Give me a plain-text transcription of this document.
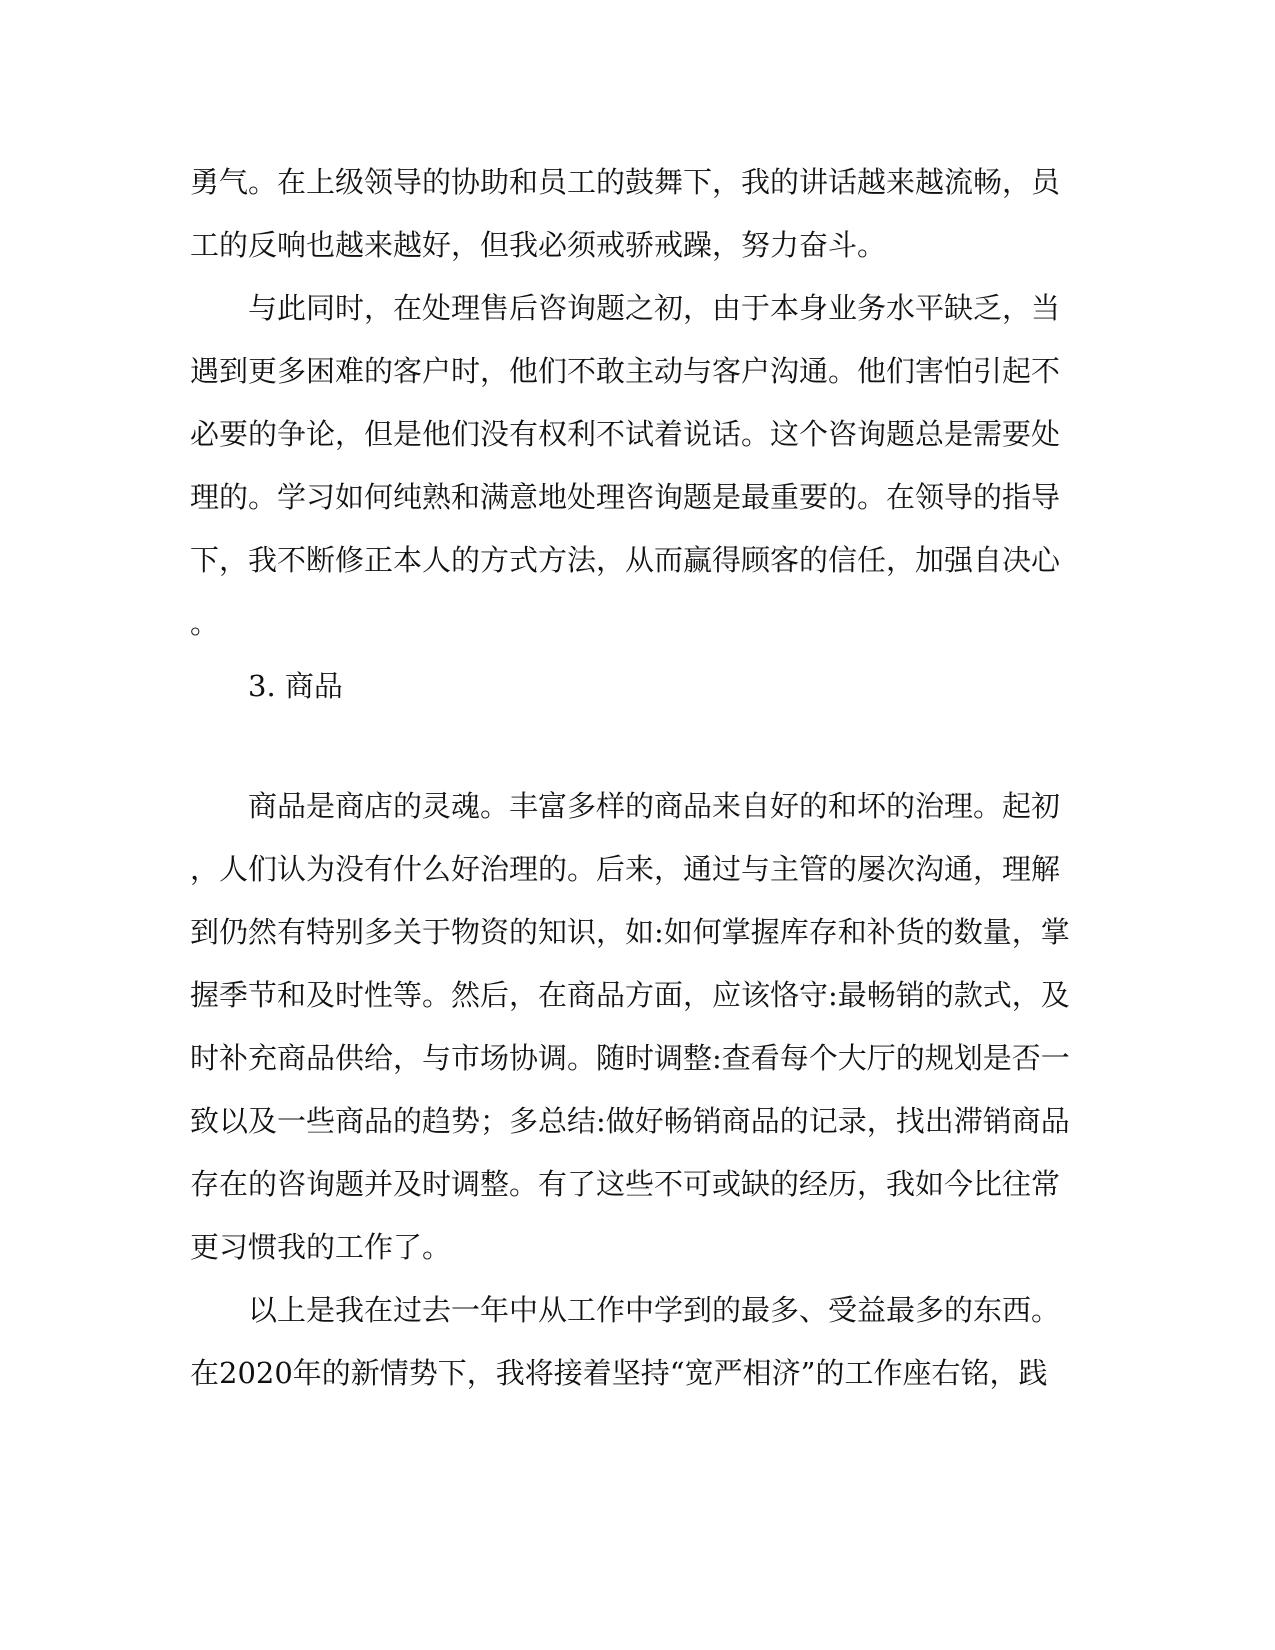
勇气。在上级领导的协助和员工的鼓舞下，我的讲话越来越流畅，员
工的反响也越来越好，但我必须戒骄戒躁，努力奋斗。
与此同时，在处理售后咨询题之初，由于本身业务水平缺乏，当
遇到更多困难的客户时，他们不敢主动与客户沟通。他们害怕引起不
必要的争论，但是他们没有权利不试着说话。这个咨询题总是需要处
理的。学习如何纯熟和满意地处理咨询题是最重要的。在领导的指导
下，我不断修正本人的方式方法，从而赢得顾客的信任，加强自决心
。
3. 商品
商品是商店的灵魂。丰富多样的商品来自好的和坏的治理。起初
，人们认为没有什么好治理的。后来，通过与主管的屡次沟通，理解
到仍然有特别多关于物资的知识，如:如何掌握库存和补货的数量，掌
握季节和及时性等。然后，在商品方面，应该恪守:最畅销的款式，及
时补充商品供给，与市场协调。随时调整:查看每个大厅的规划是否一
致以及一些商品的趋势；多总结:做好畅销商品的记录，找出滞销商品
存在的咨询题并及时调整。有了这些不可或缺的经历，我如今比往常
更习惯我的工作了。
以上是我在过去一年中从工作中学到的最多、受益最多的东西。
在2020年的新情势下，我将接着坚持“宽严相济”的工作座右铭，践
